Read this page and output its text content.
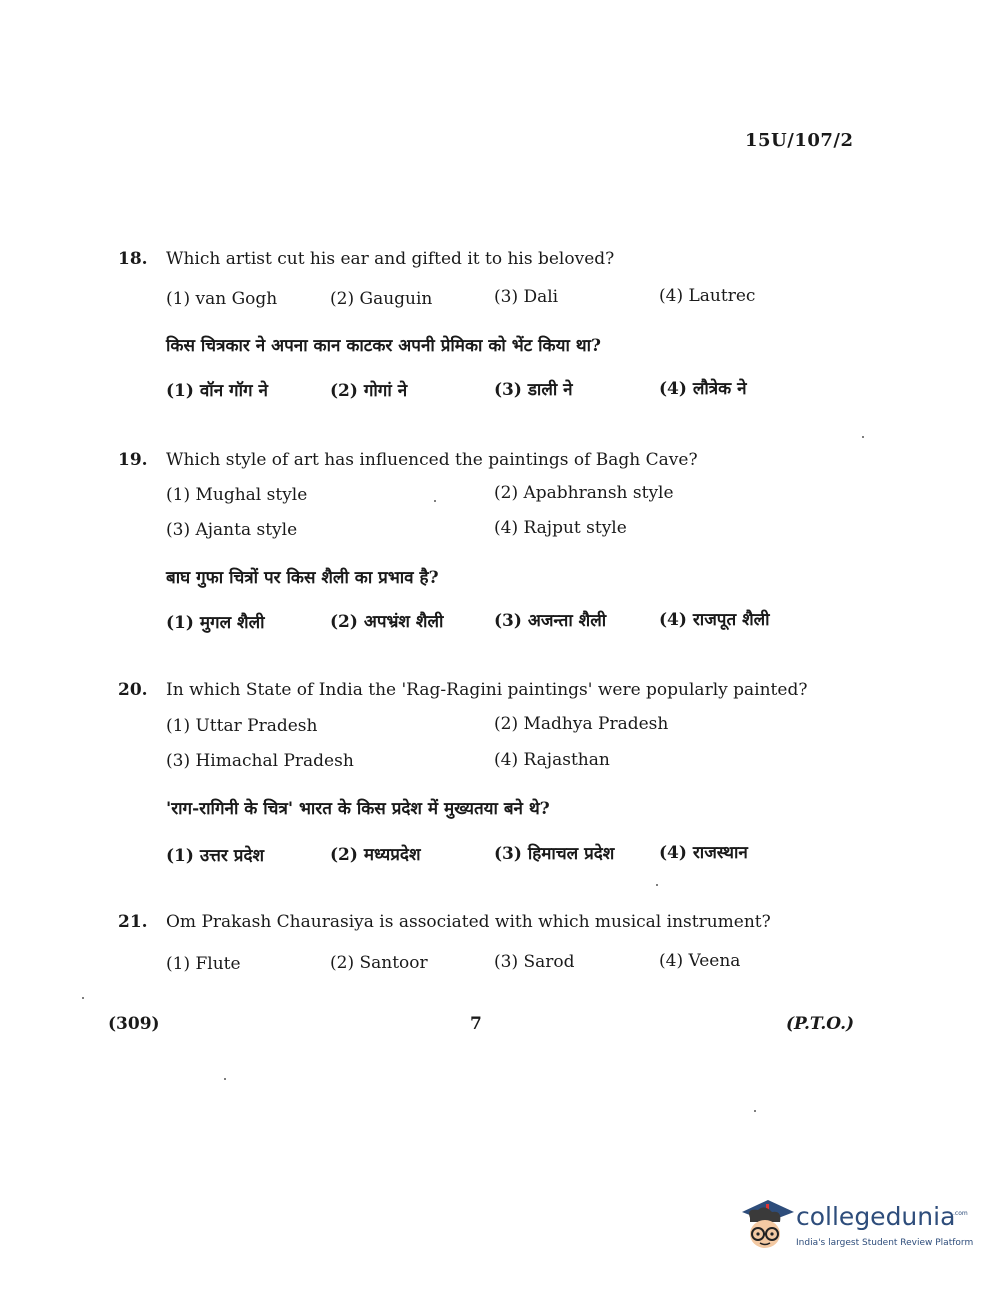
15U/107/2
18. Which artist cut his ear and gifted it to his beloved?
(1) van Gogh	(2) Gauguin	(3) Dali	(4) Lautrec
किस चित्रकार ने अपना कान काटकर अपनी प्रेमिका को भेंट किया था?
(1) वॉन गॉग ने	(2) गोगां ने	(3) डाली ने	(4) लौत्रेक ने
19. Which style of art has influenced the paintings of Bagh Cave?
(1) Mughal style	(2) Apabhransh style
(3) Ajanta style	(4) Rajput style
बाघ गुफा चित्रों पर किस शैली का प्रभाव है?
(1) मुगल शैली	(2) अपभ्रंश शैली	(3) अजन्ता शैली	(4) राजपूत शैली
20. In which State of India the 'Rag-Ragini paintings' were popularly painted?
(1) Uttar Pradesh	(2) Madhya Pradesh
(3) Himachal Pradesh	(4) Rajasthan
'राग-रागिनी के चित्र' भारत के किस प्रदेश में मुख्यतया बने थे?
(1) उत्तर प्रदेश	(2) मध्यप्रदेश	(3) हिमाचल प्रदेश	(4) राजस्थान
21. Om Prakash Chaurasiya is associated with which musical instrument?
(1) Flute	(2) Santoor	(3) Sarod	(4) Veena
(309)	7	(P.T.O.)
collegedunia
.com
India's largest Student Review Platform
